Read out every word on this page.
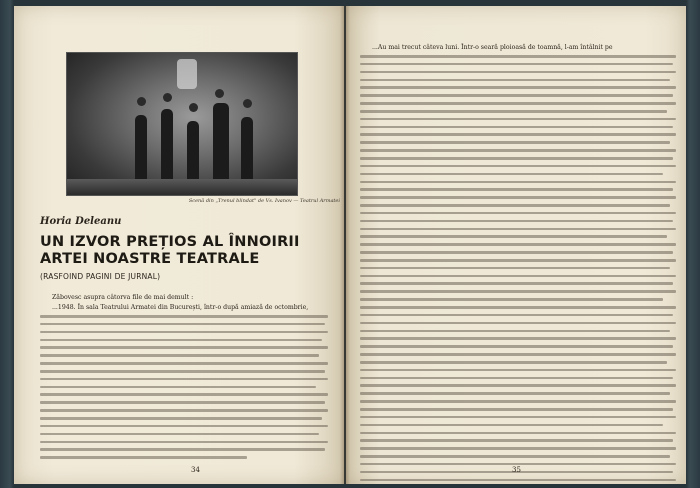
Scenă din „Trenul blindat" de Vs. Ivanov — Teatrul Armatei
Horia Deleanu
UN IZVOR PREȚIOS AL ÎNNOIRII ARTEI NOASTRE TEATRALE
(RASFOIND PAGINI DE JURNAL)
Zăbovesc asupra câtorva file de mai demult :
...1948. În sala Teatrului Armatei din București, într-o după amiază de octombrie,
34
...Au mai trecut câteva luni. Într-o seară ploioasă de toamnă, l-am întâlnit pe
35
